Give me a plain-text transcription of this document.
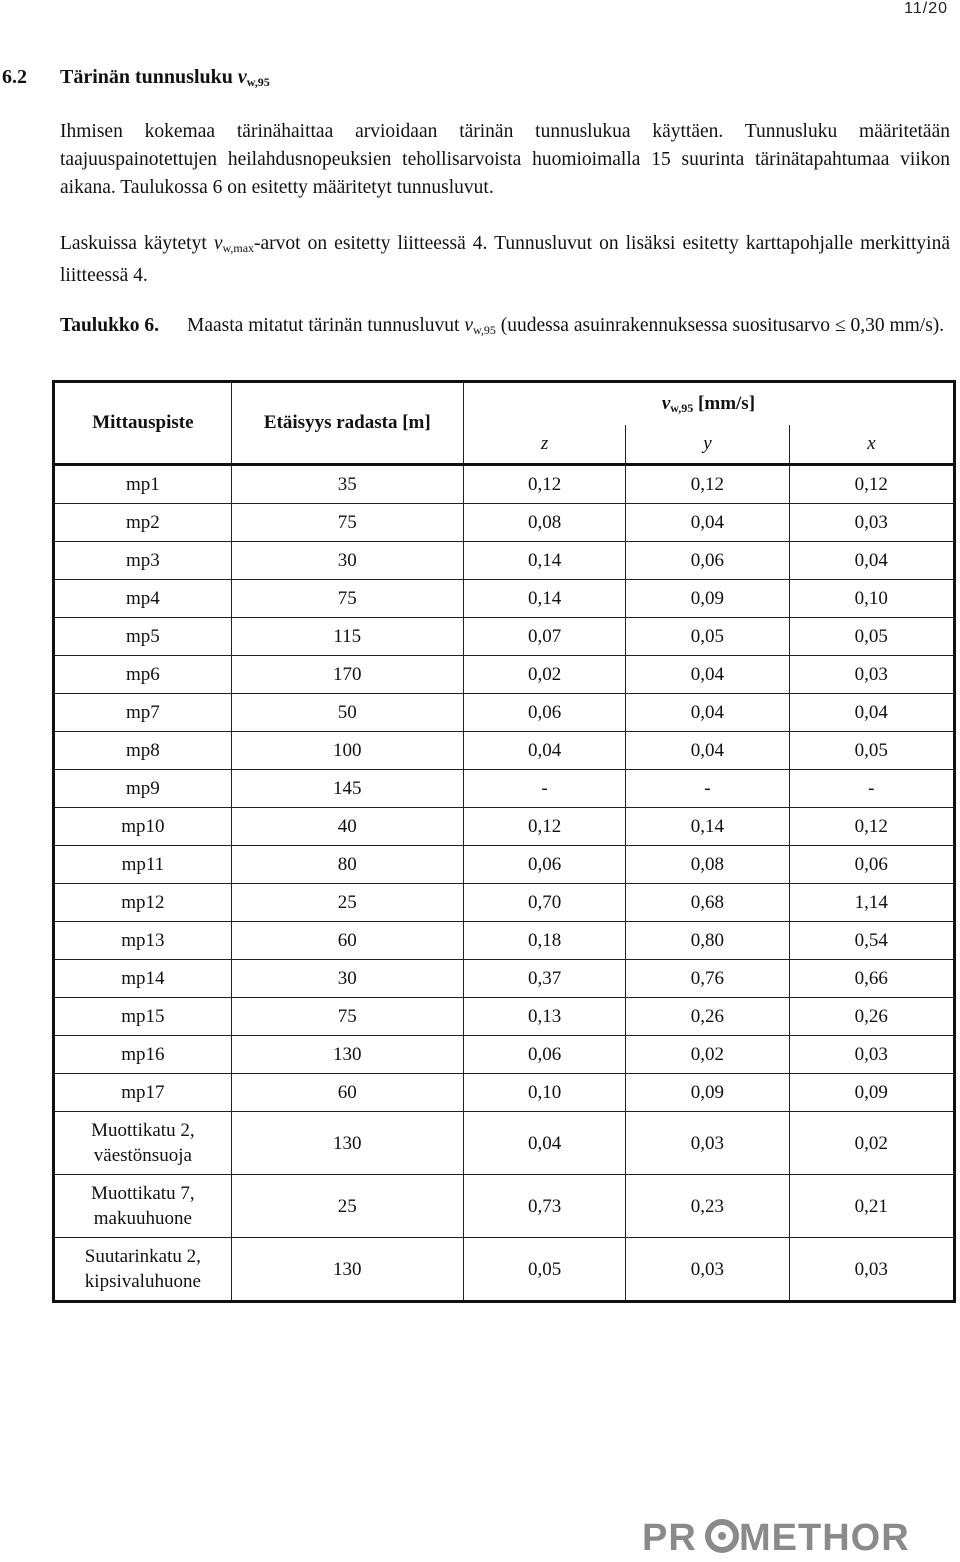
11/20
6.2 Tärinän tunnusluku $v_{w,95}$
Ihmisen kokemaa tärinähaittaa arvioidaan tärinän tunnuslukua käyttäen. Tunnusluku määritetään taajuuspainotettujen heilahdusnopeuksien tehollisarvoista huomioimalla 15 suurinta tärinätapahtumaa viikon aikana. Taulukossa 6 on esitetty määritetyt tunnusluvut.
Laskuissa käytetyt $v_{w,max}$-arvot on esitetty liitteessä 4. Tunnusluvut on lisäksi esitetty karttapohjalle merkittyinä liitteessä 4.
Taulukko 6. Maasta mitatut tärinän tunnusluvut $v_{w,95}$ (uudessa asuinrakennuksessa suositusarvo ≤ 0,30 mm/s).
Mittauspiste	Etäisyys radasta [m]	$v_{w,95}$ [mm/s]		
		z	y	x
mp1	35	0,12	0,12	0,12
mp2	75	0,08	0,04	0,03
mp3	30	0,14	0,06	0,04
mp4	75	0,14	0,09	0,10
mp5	115	0,07	0,05	0,05
mp6	170	0,02	0,04	0,03
mp7	50	0,06	0,04	0,04
mp8	100	0,04	0,04	0,05
mp9	145	-	-	-
mp10	40	0,12	0,14	0,12
mp11	80	0,06	0,08	0,06
mp12	25	0,70	0,68	1,14
mp13	60	0,18	0,80	0,54
mp14	30	0,37	0,76	0,66
mp15	75	0,13	0,26	0,26
mp16	130	0,06	0,02	0,03
mp17	60	0,10	0,09	0,09

Muottikatu 2,
väestönsuoja	130	0,04	0,03	0,02

Muottikatu 7,
makuuhuone	25	0,73	0,23	0,21

Suutarinkatu 2,
kipsivaluhuone	130	0,05	0,03	0,03
PR METHOR
